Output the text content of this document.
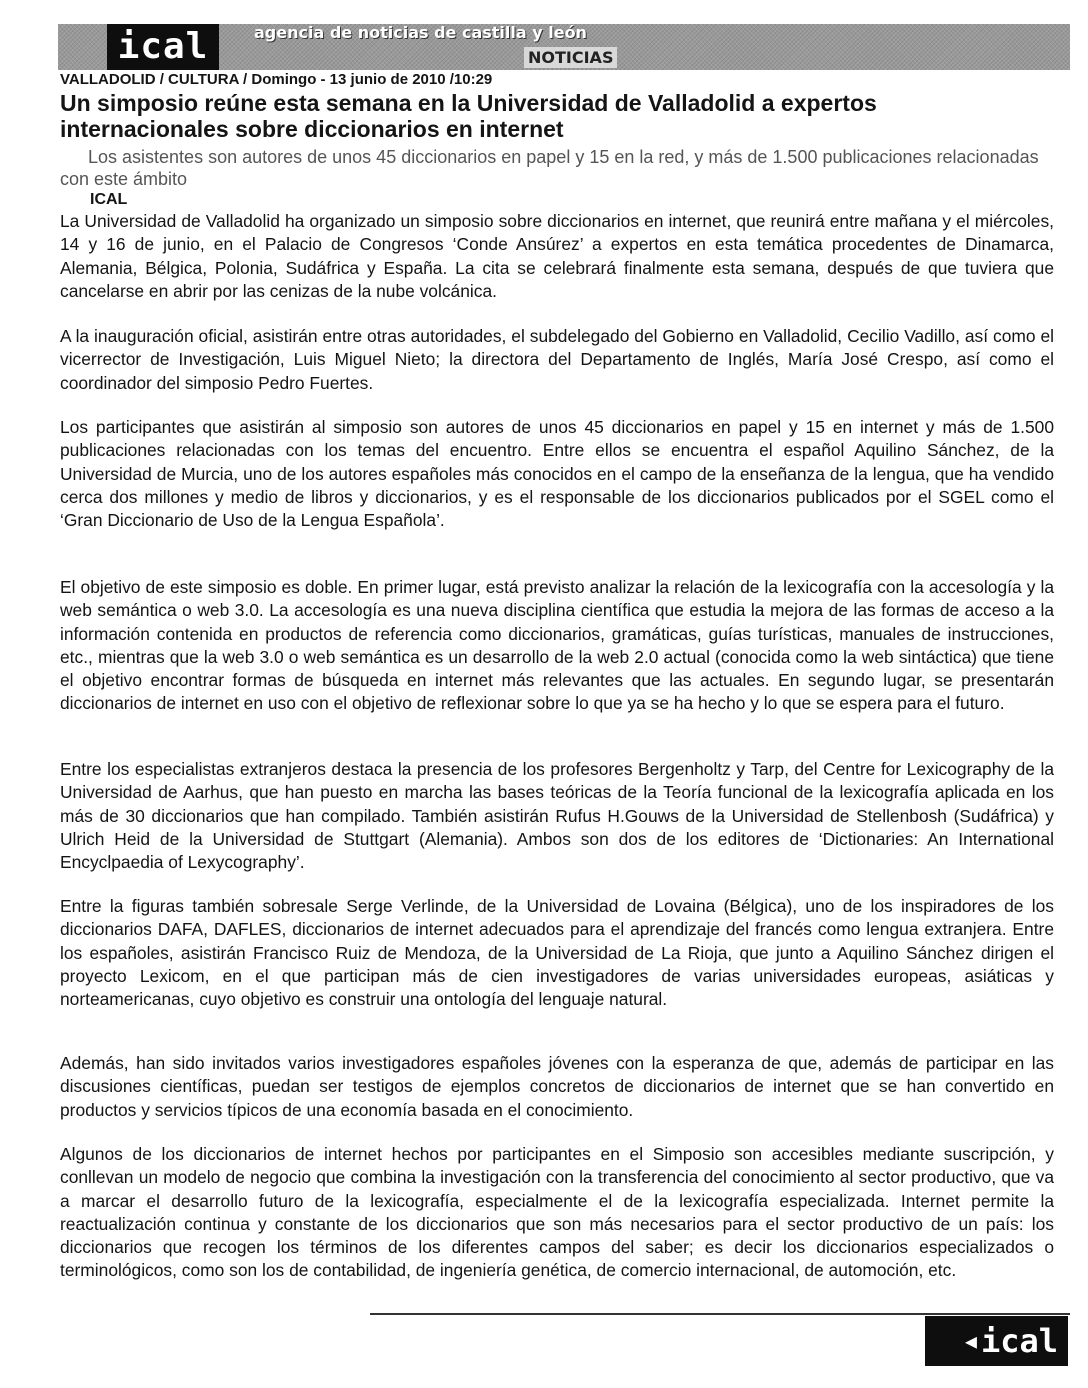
ical	agencia de noticias de castilla y león
NOTICIAS
VALLADOLID / CULTURA / Domingo - 13 junio de 2010 /10:29
Un simposio reúne esta semana en la Universidad de Valladolid a expertos internacionales sobre diccionarios en internet

Los asistentes son autores de unos 45 diccionarios en papel y 15 en la red, y más de 1.500 publicaciones relacionadas con este ámbito

ICAL

La Universidad de Valladolid ha organizado un simposio sobre diccionarios en internet, que reunirá entre mañana y el miércoles, 14 y 16 de junio, en el Palacio de Congresos ‘Conde Ansúrez’ a expertos en esta temática procedentes de Dinamarca, Alemania, Bélgica, Polonia, Sudáfrica y España. La cita se celebrará finalmente esta semana, después de que tuviera que cancelarse en abrir por las cenizas de la nube volcánica.

A la inauguración oficial, asistirán entre otras autoridades, el subdelegado del Gobierno en Valladolid, Cecilio Vadillo, así como el vicerrector de Investigación, Luis Miguel Nieto; la directora del Departamento de Inglés, María José Crespo, así como el coordinador del simposio Pedro Fuertes.

Los participantes que asistirán al simposio son autores de unos 45 diccionarios en papel y 15 en internet y más de 1.500 publicaciones relacionadas con los temas del encuentro. Entre ellos se encuentra el español Aquilino Sánchez, de la Universidad de Murcia, uno de los autores españoles más conocidos en el campo de la enseñanza de la lengua, que ha vendido cerca dos millones y medio de libros y diccionarios, y es el responsable de los diccionarios publicados por el SGEL como el ‘Gran Diccionario de Uso de la Lengua Española’.

El objetivo de este simposio es doble. En primer lugar, está previsto analizar la relación de la lexicografía con la accesología y la web semántica o web 3.0. La accesología es una nueva disciplina científica que estudia la mejora de las formas de acceso a la información contenida en productos de referencia como diccionarios, gramáticas, guías turísticas, manuales de instrucciones, etc., mientras que la web 3.0 o web semántica es un desarrollo de la web 2.0 actual (conocida como la web sintáctica) que tiene el objetivo encontrar formas de búsqueda en internet más relevantes que las actuales. En segundo lugar, se presentarán diccionarios de internet en uso con el objetivo de reflexionar sobre lo que ya se ha hecho y lo que se espera para el futuro.

Entre los especialistas extranjeros destaca la presencia de los profesores Bergenholtz y Tarp, del Centre for Lexicography de la Universidad de Aarhus, que han puesto en marcha las bases teóricas de la Teoría funcional de la lexicografía aplicada en los más de 30 diccionarios que han compilado. También asistirán Rufus H.Gouws de la Universidad de Stellenbosh (Sudáfrica) y Ulrich Heid de la Universidad de Stuttgart (Alemania). Ambos son dos de los editores de ‘Dictionaries: An International Encyclpaedia of Lexycography’.

Entre la figuras también sobresale Serge Verlinde, de la Universidad de Lovaina (Bélgica), uno de los inspiradores de los diccionarios DAFA, DAFLES, diccionarios de internet adecuados para el aprendizaje del francés como lengua extranjera. Entre los españoles, asistirán Francisco Ruiz de Mendoza, de la Universidad de La Rioja, que junto a Aquilino Sánchez dirigen el proyecto Lexicom, en el que participan más de cien investigadores de varias universidades europeas, asiáticas y norteamericanas, cuyo objetivo es construir una ontología del lenguaje natural.

Además, han sido invitados varios investigadores españoles jóvenes con la esperanza de que, además de participar en las discusiones científicas, puedan ser testigos de ejemplos concretos de diccionarios de internet que se han convertido en productos y servicios típicos de una economía basada en el conocimiento.

Algunos de los diccionarios de internet hechos por participantes en el Simposio son accesibles mediante suscripción, y conllevan un modelo de negocio que combina la investigación con la transferencia del conocimiento al sector productivo, que va a marcar el desarrollo futuro de la lexicografía, especialmente el de la lexicografía especializada. Internet permite la reactualización continua y constante de los diccionarios que son más necesarios para el sector productivo de un país: los diccionarios que recogen los términos de los diferentes campos del saber; es decir los diccionarios especializados o terminológicos, como son los de contabilidad, de ingeniería genética, de comercio internacional, de automoción, etc.

◀ ical
